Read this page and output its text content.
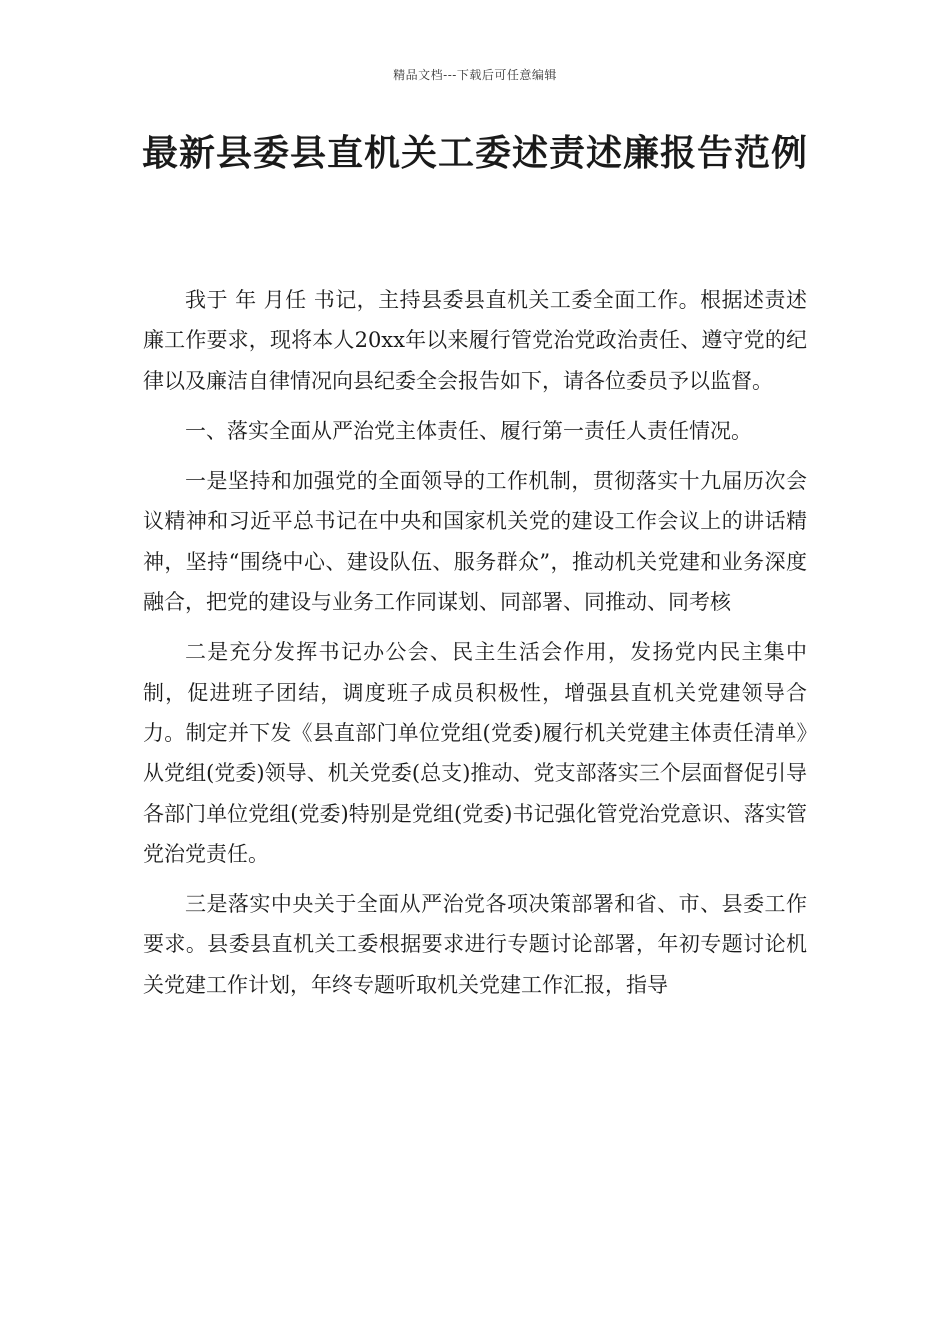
精品文档---下载后可任意编辑
最新县委县直机关工委述责述廉报告范例

我于 年 月任 书记，主持县委县直机关工委全面工作。根据述责述廉工作要求，现将本人20xx年以来履行管党治党政治责任、遵守党的纪律以及廉洁自律情况向县纪委全会报告如下，请各位委员予以监督。

一、落实全面从严治党主体责任、履行第一责任人责任情况。

一是坚持和加强党的全面领导的工作机制，贯彻落实十九届历次会议精神和习近平总书记在中央和国家机关党的建设工作会议上的讲话精神，坚持“围绕中心、建设队伍、服务群众”，推动机关党建和业务深度融合，把党的建设与业务工作同谋划、同部署、同推动、同考核

二是充分发挥书记办公会、民主生活会作用，发扬党内民主集中制，促进班子团结，调度班子成员积极性，增强县直机关党建领导合力。制定并下发《县直部门单位党组(党委)履行机关党建主体责任清单》从党组(党委)领导、机关党委(总支)推动、党支部落实三个层面督促引导各部门单位党组(党委)特别是党组(党委)书记强化管党治党意识、落实管党治党责任。

三是落实中央关于全面从严治党各项决策部署和省、市、县委工作要求。县委县直机关工委根据要求进行专题讨论部署，年初专题讨论机关党建工作计划，年终专题听取机关党建工作汇报，指导
